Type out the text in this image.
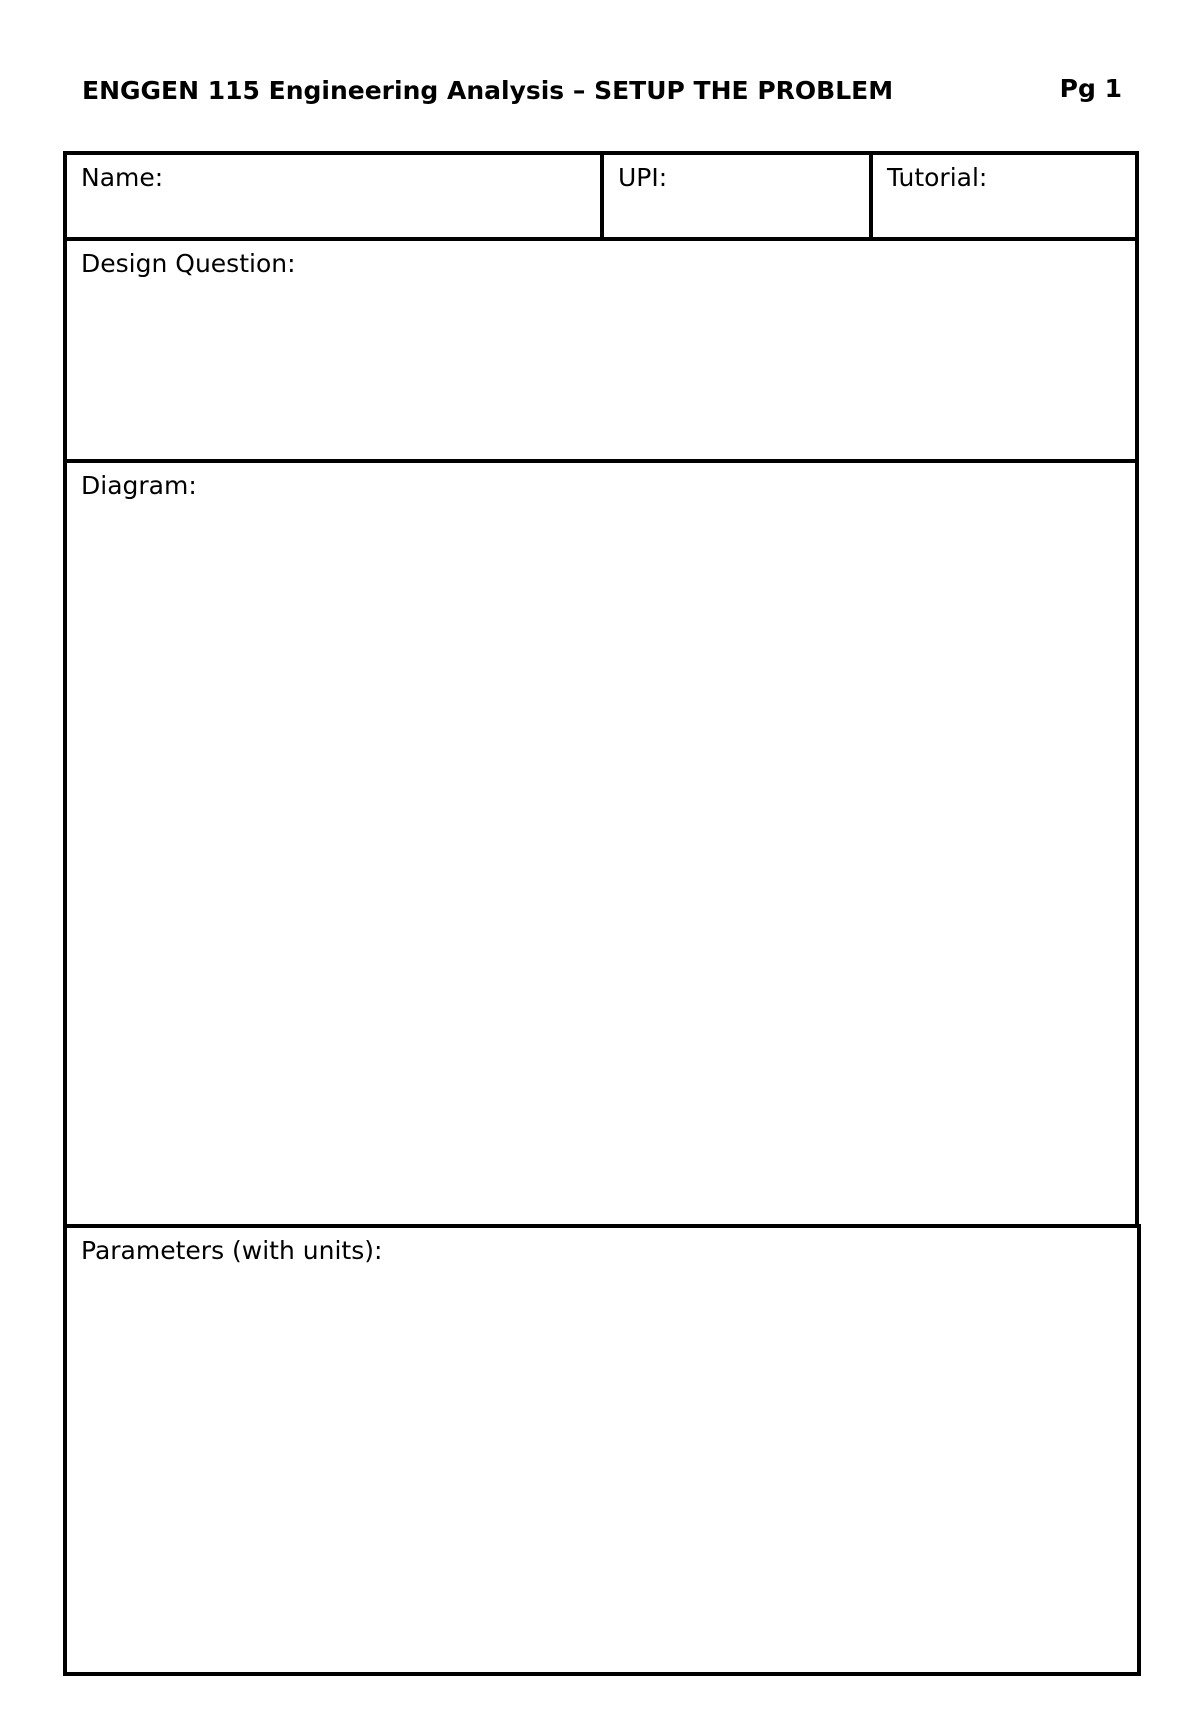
ENGGEN 115 Engineering Analysis – SETUP THE PROBLEM	Pg 1
Name:	UPI:	Tutorial:
Design Question:
Diagram:
Parameters (with units):
